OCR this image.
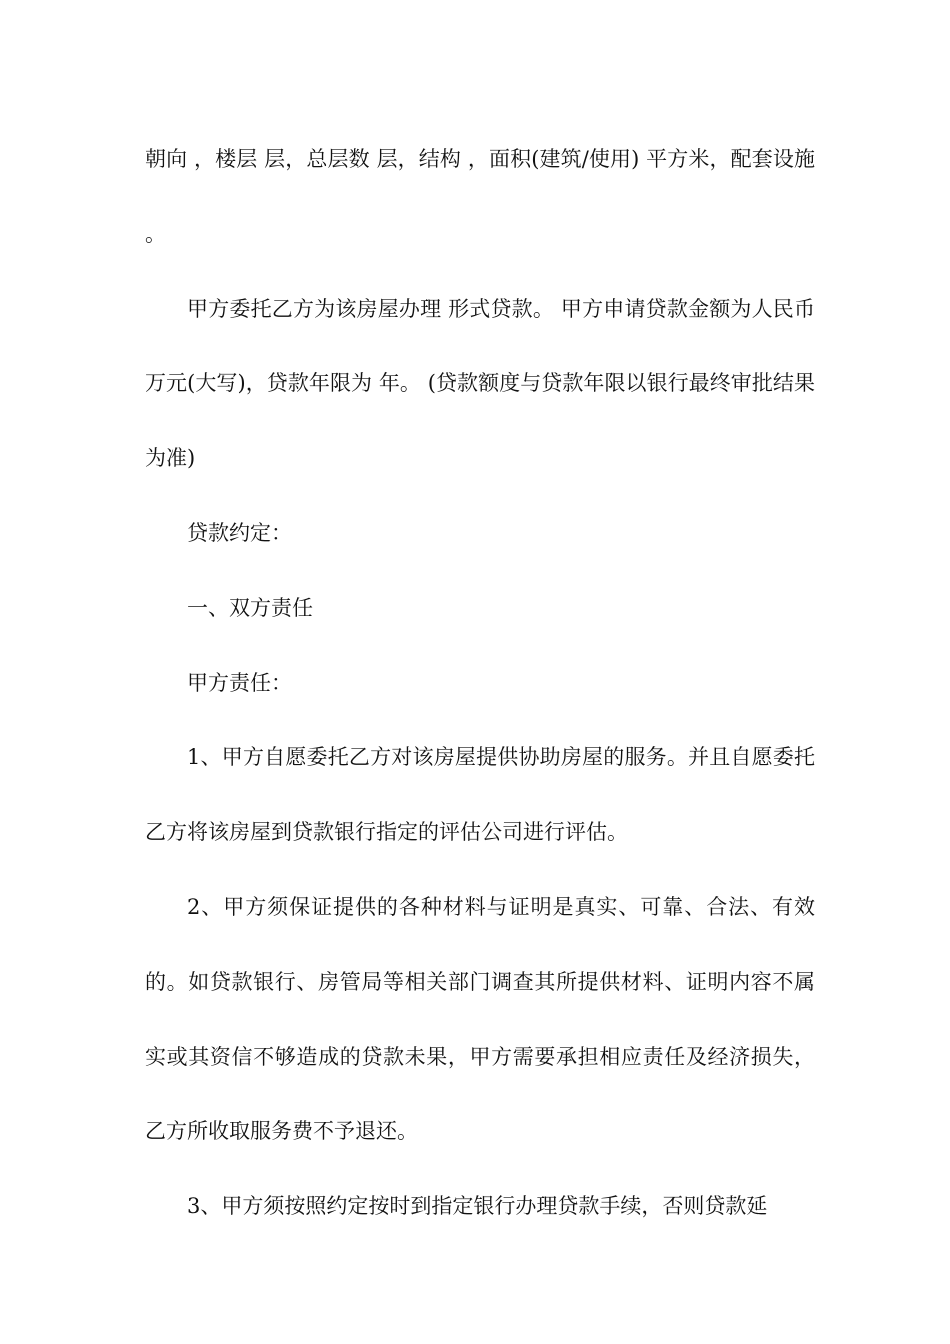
朝向 ，楼层 层，总层数 层，结构 ，面积(建筑/使用) 平方米，配套设施 。

甲方委托乙方为该房屋办理 形式贷款。 甲方申请贷款金额为人民币 万元(大写)，贷款年限为 年。 (贷款额度与贷款年限以银行最终审批结果为准)

贷款约定：

一、双方责任

甲方责任：

1、甲方自愿委托乙方对该房屋提供协助房屋的服务。并且自愿委托乙方将该房屋到贷款银行指定的评估公司进行评估。

2、甲方须保证提供的各种材料与证明是真实、可靠、合法、有效的。如贷款银行、房管局等相关部门调查其所提供材料、证明内容不属实或其资信不够造成的贷款未果，甲方需要承担相应责任及经济损失，乙方所收取服务费不予退还。

3、甲方须按照约定按时到指定银行办理贷款手续，否则贷款延
